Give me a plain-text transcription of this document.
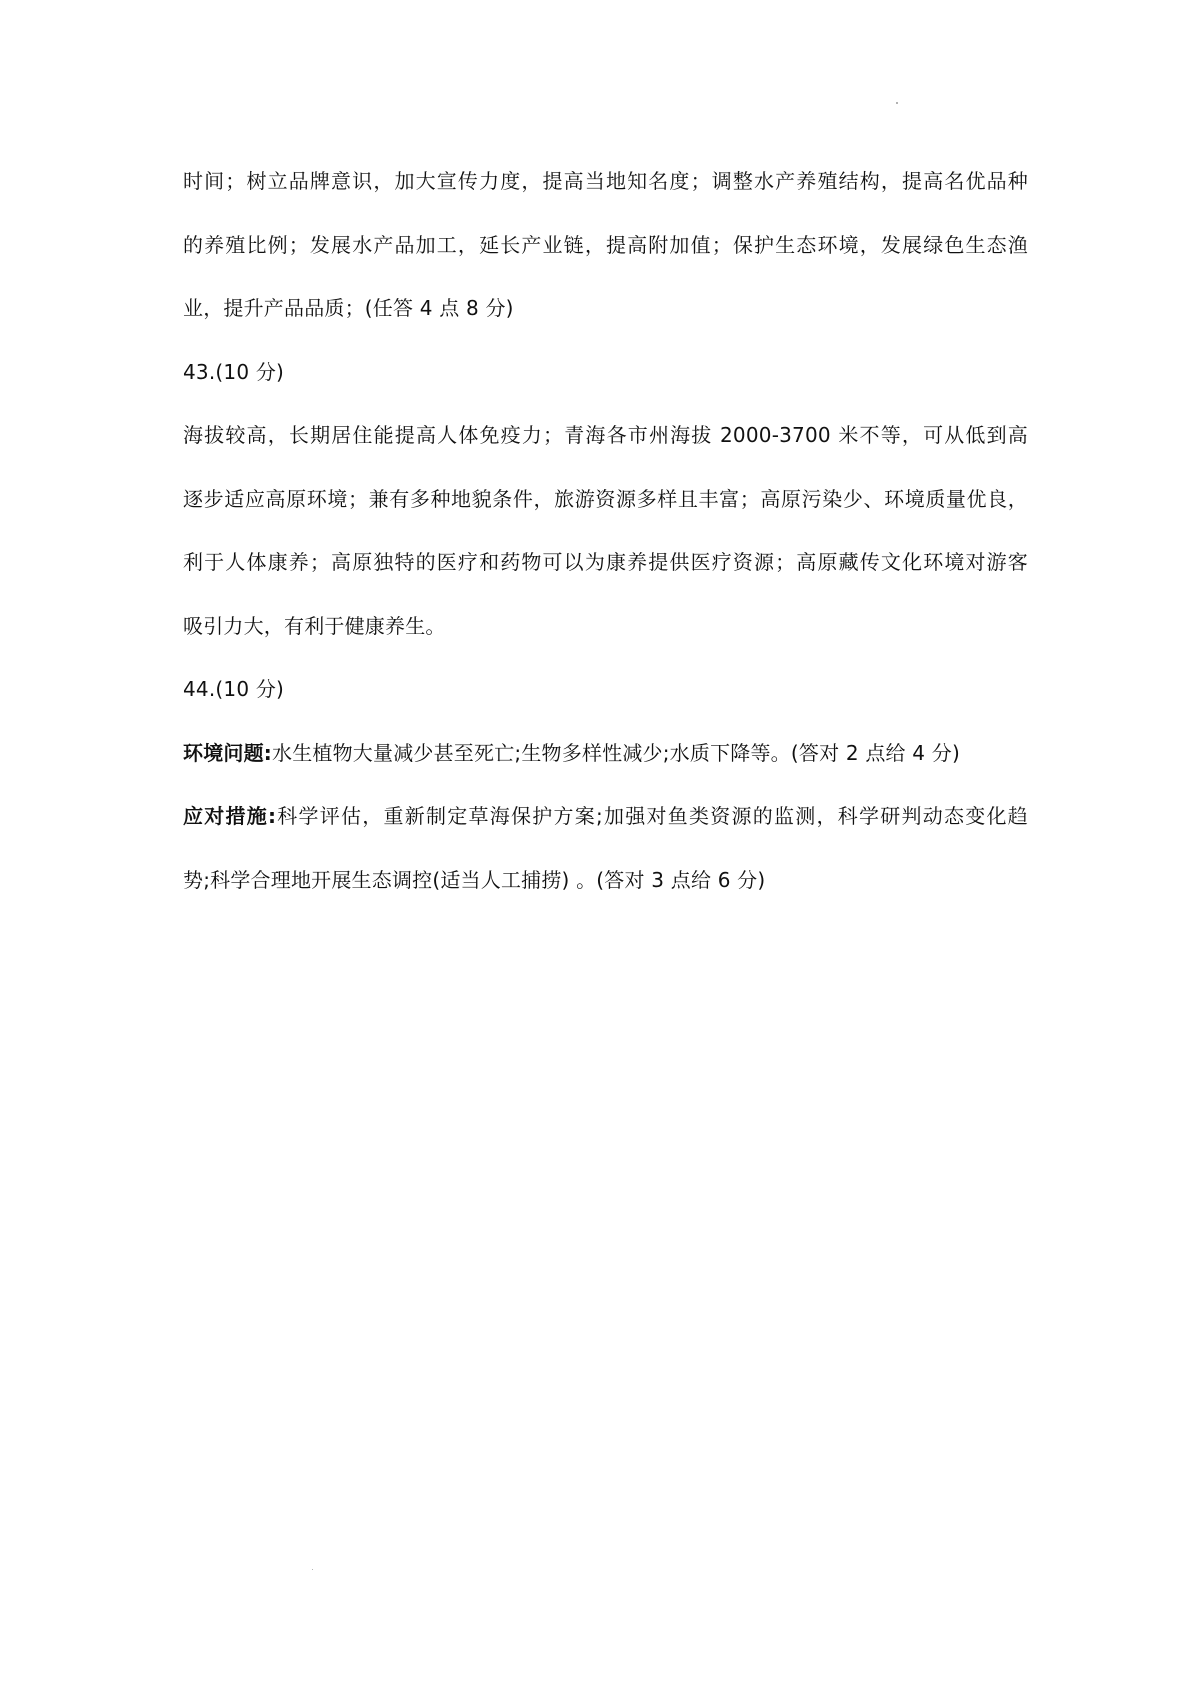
时间；树立品牌意识，加大宣传力度，提高当地知名度；调整水产养殖结构，提高名优品种
的养殖比例；发展水产品加工，延长产业链，提高附加值；保护生态环境，发展绿色生态渔
业，提升产品品质；(任答 4 点 8 分)
43.(10 分)
海拔较高，长期居住能提高人体免疫力；青海各市州海拔 2000-3700 米不等，可从低到高
逐步适应高原环境；兼有多种地貌条件，旅游资源多样且丰富；高原污染少、环境质量优良，
利于人体康养；高原独特的医疗和药物可以为康养提供医疗资源；高原藏传文化环境对游客
吸引力大，有利于健康养生。
44.(10 分)
环境问题:水生植物大量减少甚至死亡;生物多样性减少;水质下降等。(答对 2 点给 4 分)
应对措施:科学评估，重新制定草海保护方案;加强对鱼类资源的监测，科学研判动态变化趋
势;科学合理地开展生态调控(适当人工捕捞) 。(答对 3 点给 6 分)
